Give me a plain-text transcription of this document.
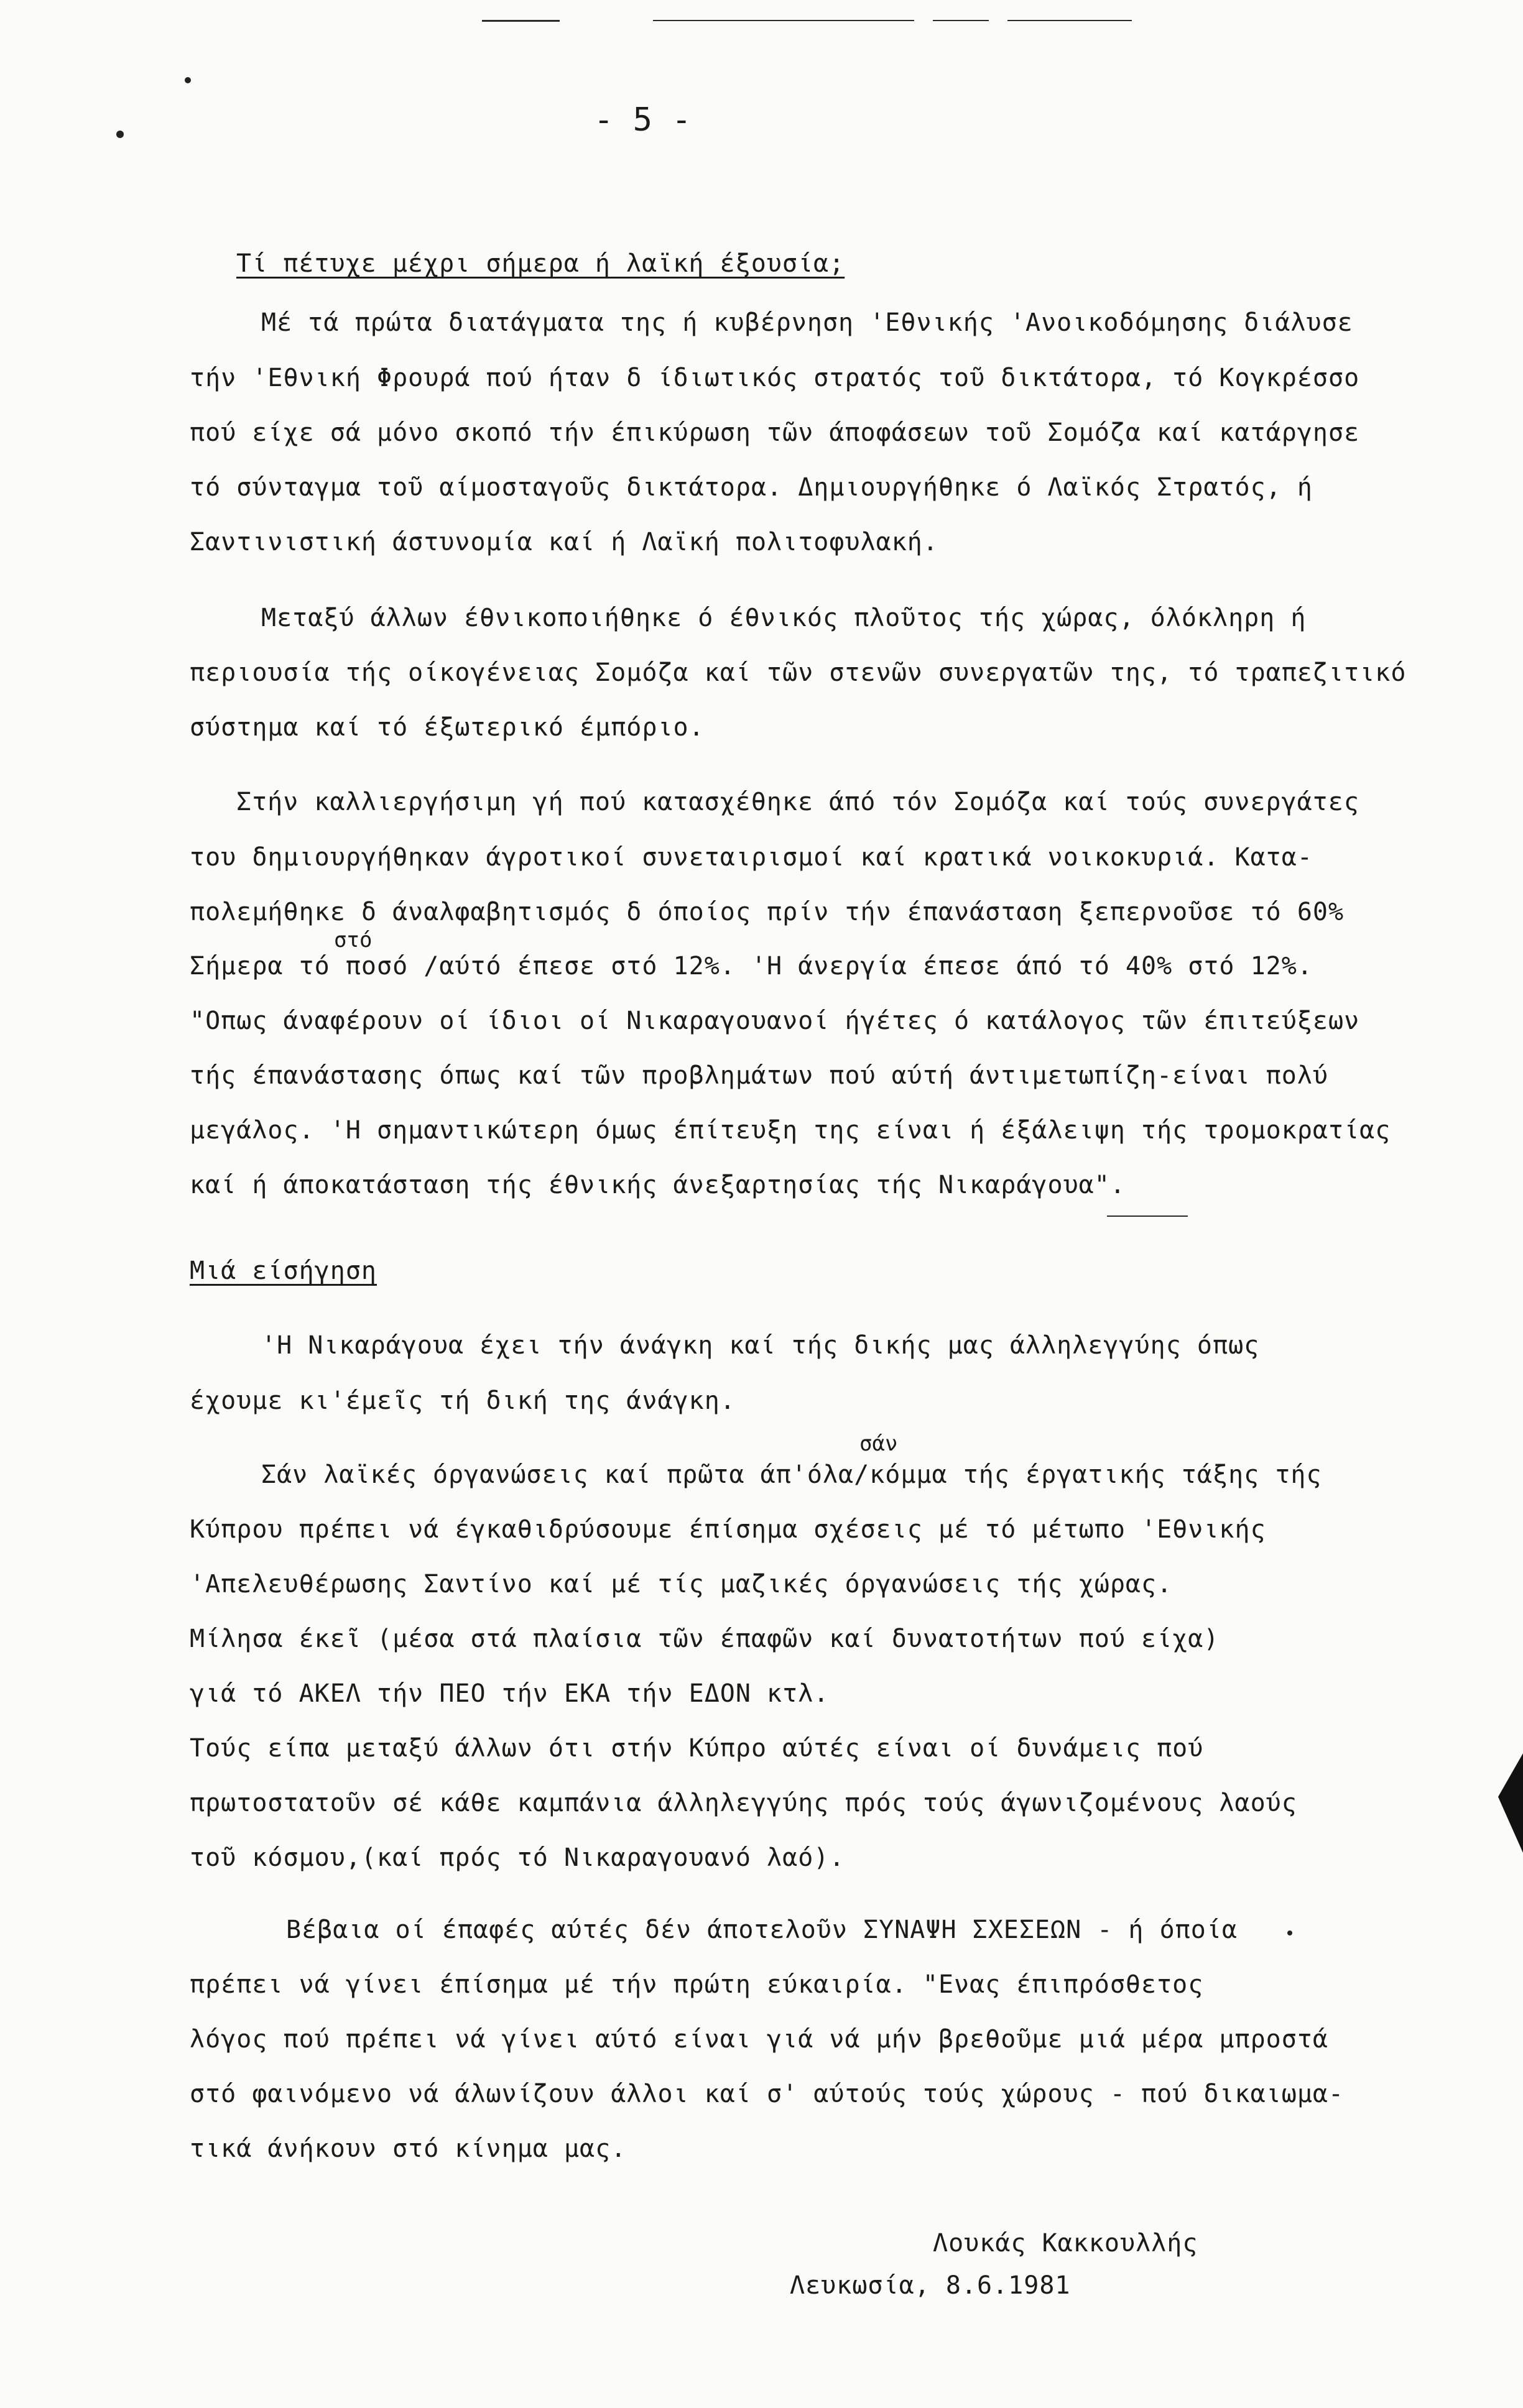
- 5 -
Τί πέτυχε μέχρι σήμερα ή λαϊκή έξουσία;
Μέ τά πρώτα διατάγματα της ή κυβέρνηση 'Εθνικής 'Ανοικοδόμησης διάλυσε
τήν 'Εθνική Φρουρά πού ήταν δ ίδιωτικός στρατός τοῦ δικτάτορα, τό Κογκρέσσο
πού είχε σά μόνο σκοπό τήν έπικύρωση τῶν άποφάσεων τοῦ Σομόζα καί κατάργησε
τό σύνταγμα τοῦ αίμοσταγοῦς δικτάτορα. Δημιουργήθηκε ό Λαϊκός Στρατός, ή
Σαντινιστική άστυνομία καί ή Λαϊκή πολιτοφυλακή.
Μεταξύ άλλων έθνικοποιήθηκε ό έθνικός πλοῦτος τής χώρας, όλόκληρη ή
περιουσία τής οίκογένειας Σομόζα καί τῶν στενῶν συνεργατῶν της, τό τραπεζιτικό
σύστημα καί τό έξωτερικό έμπόριο.
Στήν καλλιεργήσιμη γή πού κατασχέθηκε άπό τόν Σομόζα καί τούς συνεργάτες
του δημιουργήθηκαν άγροτικοί συνεταιρισμοί καί κρατικά νοικοκυριά. Κατα-
πολεμήθηκε δ άναλφαβητισμός δ όποίος πρίν τήν έπανάσταση ξεπερνοῦσε τό 60%
στό
Σήμερα τό ποσό /αύτό έπεσε στό 12%. 'Η άνεργία έπεσε άπό τό 40% στό 12%.
"Οπως άναφέρουν οί ίδιοι οί Νικαραγουανοί ήγέτες ό κατάλογος τῶν έπιτεύξεων
τής έπανάστασης όπως καί τῶν προβλημάτων πού αύτή άντιμετωπίζη-είναι πολύ
μεγάλος. 'Η σημαντικώτερη όμως έπίτευξη της είναι ή έξάλειψη τής τρομοκρατίας
καί ή άποκατάσταση τής έθνικής άνεξαρτησίας τής Νικαράγουα".
Μιά είσήγηση
'Η Νικαράγουα έχει τήν άνάγκη καί τής δικής μας άλληλεγγύης όπως
έχουμε κι'έμεῖς τή δική της άνάγκη.
σάν
Σάν λαϊκές όργανώσεις καί πρῶτα άπ'όλα/κόμμα τής έργατικής τάξης τής
Κύπρου πρέπει νά έγκαθιδρύσουμε έπίσημα σχέσεις μέ τό μέτωπο 'Εθνικής
'Απελευθέρωσης Σαντίνο καί μέ τίς μαζικές όργανώσεις τής χώρας.
Μίλησα έκεῖ (μέσα στά πλαίσια τῶν έπαφῶν καί δυνατοτήτων πού είχα)
γιά τό ΑΚΕΛ τήν ΠΕΟ τήν ΕΚΑ τήν ΕΔΟΝ κτλ.
Τούς είπα μεταξύ άλλων ότι στήν Κύπρο αύτές είναι οί δυνάμεις πού
πρωτοστατοῦν σέ κάθε καμπάνια άλληλεγγύης πρός τούς άγωνιζομένους λαούς
τοῦ κόσμου,(καί πρός τό Νικαραγουανό λαό).
Βέβαια οί έπαφές αύτές δέν άποτελοῦν ΣΥΝΑΨΗ ΣΧΕΣΕΩΝ - ή όποία
πρέπει νά γίνει έπίσημα μέ τήν πρώτη εύκαιρία. "Ενας έπιπρόσθετος
λόγος πού πρέπει νά γίνει αύτό είναι γιά νά μήν βρεθοῦμε μιά μέρα μπροστά
στό φαινόμενο νά άλωνίζουν άλλοι καί σ' αύτούς τούς χώρους - πού δικαιωμα-
τικά άνήκουν στό κίνημα μας.
Λουκάς Κακκουλλής
Λευκωσία, 8.6.1981
